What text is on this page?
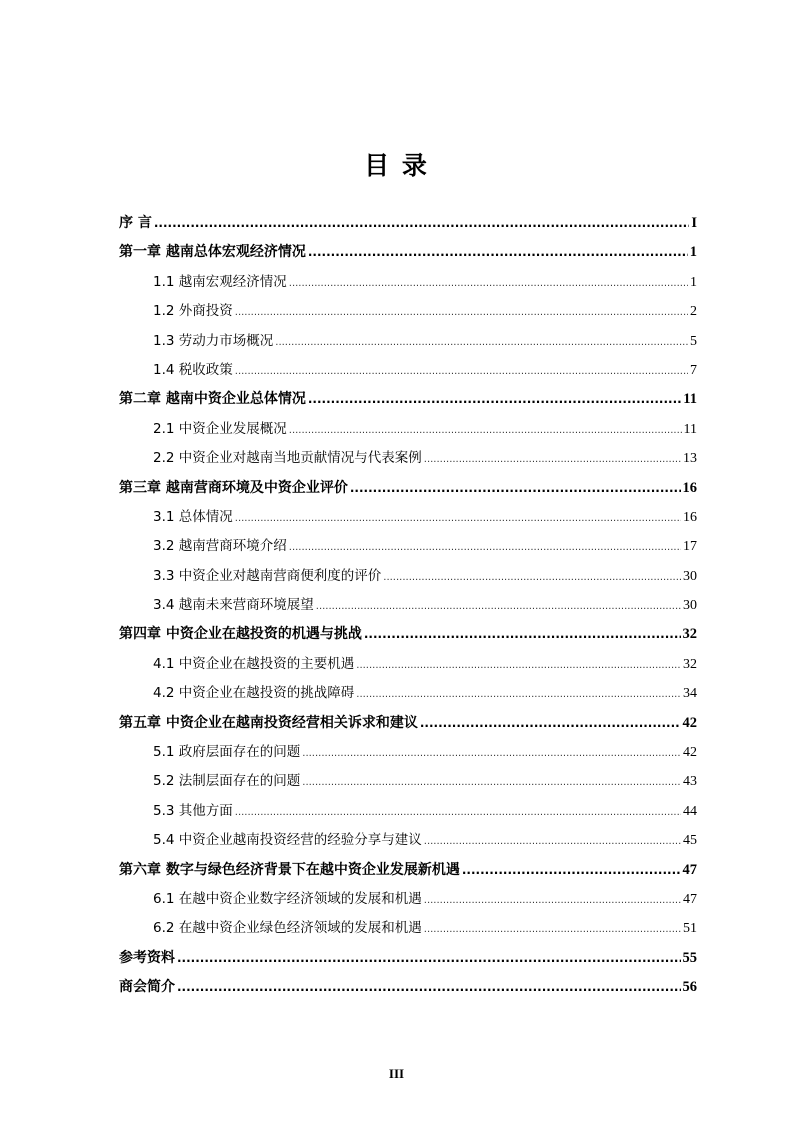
目 录
序 言 .....	I
第一章 越南总体宏观经济情况 .....	1
1.1 越南宏观经济情况 .....	1
1.2 外商投资 .....	2
1.3 劳动力市场概况 .....	5
1.4 税收政策 .....	7
第二章 越南中资企业总体情况 .....	11
2.1 中资企业发展概况 .....	11
2.2 中资企业对越南当地贡献情况与代表案例 .....	13
第三章 越南营商环境及中资企业评价 .....	16
3.1 总体情况 .....	16
3.2 越南营商环境介绍 .....	17
3.3 中资企业对越南营商便利度的评价 .....	30
3.4 越南未来营商环境展望 .....	30
第四章 中资企业在越投资的机遇与挑战 .....	32
4.1 中资企业在越投资的主要机遇 .....	32
4.2 中资企业在越投资的挑战障碍 .....	34
第五章 中资企业在越南投资经营相关诉求和建议 .....	42
5.1 政府层面存在的问题 .....	42
5.2 法制层面存在的问题 .....	43
5.3 其他方面 .....	44
5.4 中资企业越南投资经营的经验分享与建议 .....	45
第六章 数字与绿色经济背景下在越中资企业发展新机遇 .....	47
6.1 在越中资企业数字经济领域的发展和机遇 .....	47
6.2 在越中资企业绿色经济领域的发展和机遇 .....	51
参考资料 .....	55
商会简介 .....	56
III
